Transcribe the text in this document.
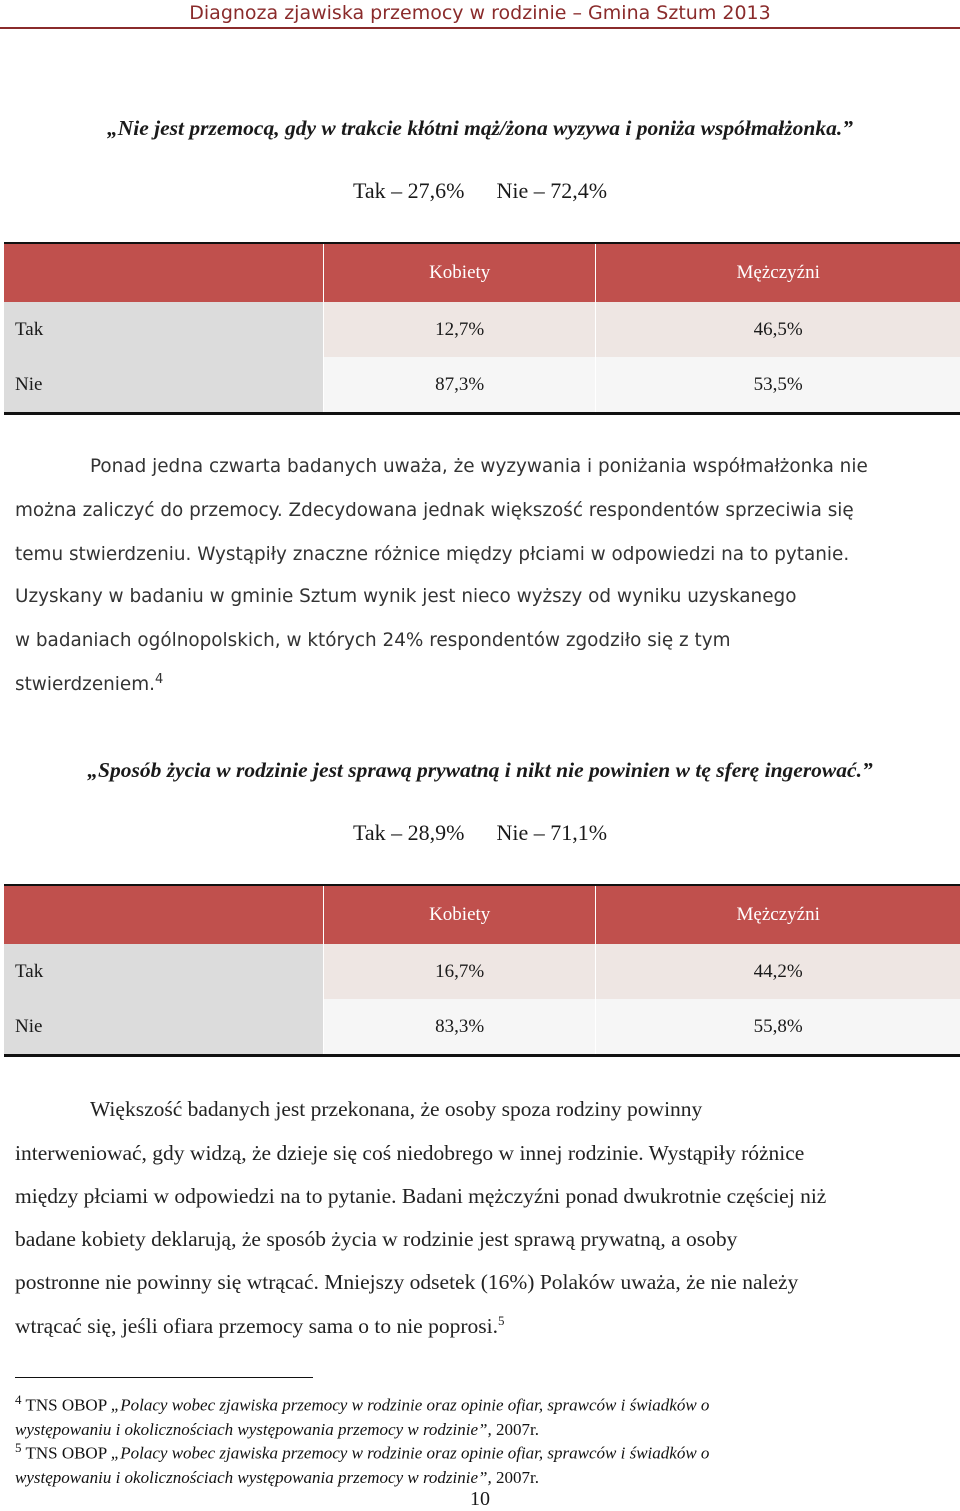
Diagnoza zjawiska przemocy w rodzinie – Gmina Sztum 2013
„Nie jest przemocą, gdy w trakcie kłótni mąż/żona wyzywa i poniża współmałżonka.”
Tak – 27,6% Nie – 72,4%
	Kobiety	Mężczyźni
Tak	12,7%	46,5%
Nie	87,3%	53,5%
Ponad jedna czwarta badanych uważa, że wyzywania i poniżania współmałżonka nie
można zaliczyć do przemocy. Zdecydowana jednak większość respondentów sprzeciwia się
temu stwierdzeniu. Wystąpiły znaczne różnice między płciami w odpowiedzi na to pytanie.
Uzyskany w badaniu w gminie Sztum wynik jest nieco wyższy od wyniku uzyskanego
w badaniach ogólnopolskich, w których 24% respondentów zgodziło się z tym
stwierdzeniem.$^4$
„Sposób życia w rodzinie jest sprawą prywatną i nikt nie powinien w tę sferę ingerować.”
Tak – 28,9% Nie – 71,1%
	Kobiety	Mężczyźni
Tak	16,7%	44,2%
Nie	83,3%	55,8%
Większość badanych jest przekonana, że osoby spoza rodziny powinny
interweniować, gdy widzą, że dzieje się coś niedobrego w innej rodzinie. Wystąpiły różnice
między płciami w odpowiedzi na to pytanie. Badani mężczyźni ponad dwukrotnie częściej niż
badane kobiety deklarują, że sposób życia w rodzinie jest sprawą prywatną, a osoby
postronne nie powinny się wtrącać. Mniejszy odsetek (16%) Polaków uważa, że nie należy
wtrącać się, jeśli ofiara przemocy sama o to nie poprosi.$^5$
$^4$ TNS OBOP „Polacy wobec zjawiska przemocy w rodzinie oraz opinie ofiar, sprawców i świadków o
występowaniu i okolicznościach występowania przemocy w rodzinie”, 2007r.
$^5$ TNS OBOP „Polacy wobec zjawiska przemocy w rodzinie oraz opinie ofiar, sprawców i świadków o
występowaniu i okolicznościach występowania przemocy w rodzinie”, 2007r.
10
